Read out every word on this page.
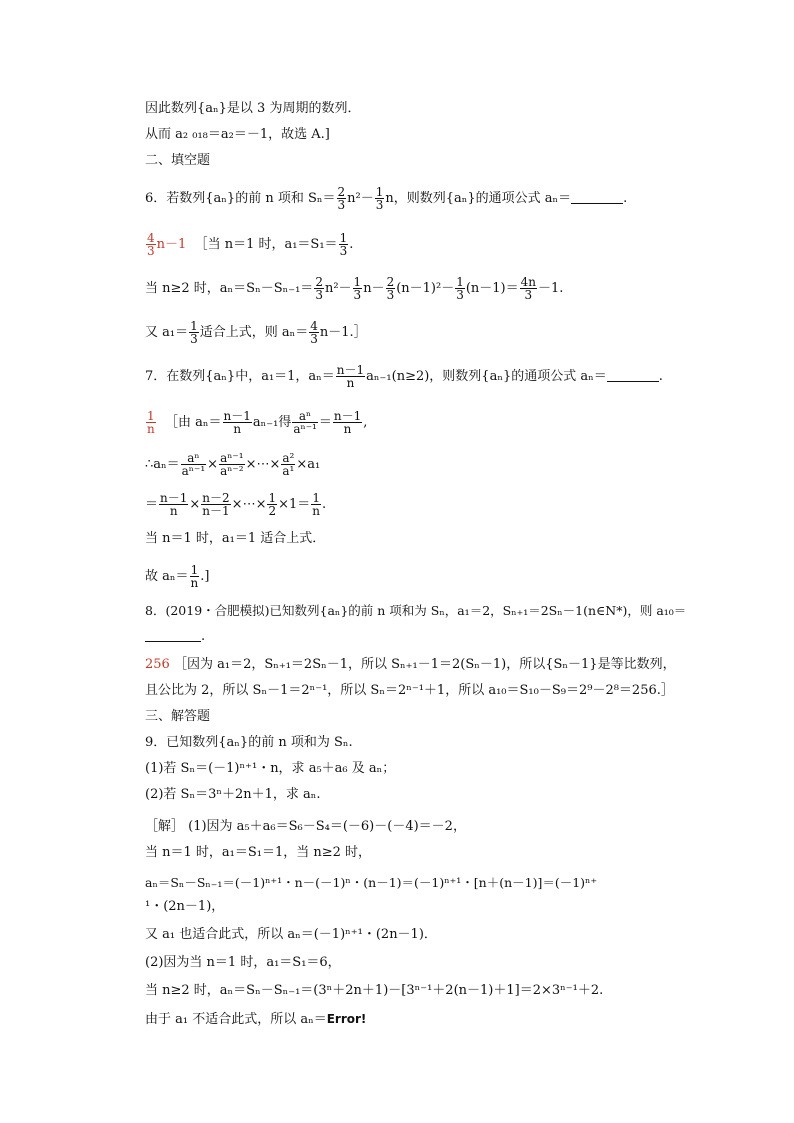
因此数列{aₙ}是以 3 为周期的数列．
从而 a₂ ₀₁₈＝a₂＝－1，故选 A.]
二、填空题
6．若数列{aₙ}的前 n 项和 $S_n= \frac{2}{3} n^2- \frac{1}{3}$ n，则数列{aₙ}的通项公式 aₙ＝	.
$\frac{4}{3} n-1$ ［当 n＝1 时，$a_1=S_1= \frac{1}{3}$ .
当 n≥2 时，$a_n=S_n-S_{n-1}= \frac{2}{3} n^2- \frac{1}{3} n- \frac{2}{3} (n-1)^2- \frac{1}{3} (n-1)= \frac{4n}{3} -1$.
又 $a_1= \frac{1}{3}$ 适合上式，则 $a_n= \frac{4}{3}$ n－1.］
7．在数列{aₙ}中，a₁＝1，$a_n= \frac{n-1}{n} a_{n-1}(n\ge 2)$，则数列{aₙ}的通项公式 aₙ＝	.
$\frac{1}{n}$ ［由 $a_n= \frac{n-1}{n} a_{n-1}$得 $\frac{\text{aⁿ}}{\text{aⁿ⁻¹}} = \frac{n-1}{n}$ ,
∴aₙ＝ $\frac{\text{aⁿ}}{\text{aⁿ⁻¹}} \times \frac{\text{aⁿ⁻¹}}{\text{aⁿ⁻²}}$ ×⋯× $\frac{\text{a²}}{\text{a¹}} \times a_1$
＝ $\frac{n-1}{n} \times \frac{n-2}{n-1}$ ×⋯× $\frac{1}{2} \times 1= \frac{1}{n}$ .
当 n＝1 时，a₁＝1 适合上式．
故 $a_n= \frac{1}{n}$ .]
8．(2019・合肥模拟)已知数列{aₙ}的前 n 项和为 Sₙ，a₁＝2，Sₙ₊₁＝2Sₙ－1(n∈N*)，则 a₁₀＝
.
256 ［因为 a₁＝2，Sₙ₊₁＝2Sₙ－1，所以 Sₙ₊₁－1＝2(Sₙ－1)，所以{Sₙ－1}是等比数列，
且公比为 2，所以 Sₙ－1＝2ⁿ⁻¹，所以 Sₙ＝2ⁿ⁻¹＋1，所以 a₁₀＝S₁₀－S₉＝2⁹－2⁸＝256.］
三、解答题
9．已知数列{aₙ}的前 n 项和为 Sₙ.
(1)若 Sₙ＝(－1)ⁿ⁺¹・n，求 a₅＋a₆ 及 aₙ；
(2)若 Sₙ＝3ⁿ＋2n＋1，求 aₙ.
［解］ (1)因为 a₅＋a₆＝S₆－S₄＝(－6)－(－4)＝－2，
当 n＝1 时，a₁＝S₁＝1，当 n≥2 时，
aₙ＝Sₙ－Sₙ₋₁＝(－1)ⁿ⁺¹・n－(－1)ⁿ・(n－1)＝(－1)ⁿ⁺¹・[n＋(n－1)]＝(－1)ⁿ⁺
¹・(2n－1)，
又 a₁ 也适合此式，所以 aₙ＝(－1)ⁿ⁺¹・(2n－1)．
(2)因为当 n＝1 时，a₁＝S₁＝6，
当 n≥2 时，aₙ＝Sₙ－Sₙ₋₁＝(3ⁿ＋2n＋1)－[3ⁿ⁻¹＋2(n－1)＋1]＝2×3ⁿ⁻¹＋2.
由于 a₁ 不适合此式，所以 aₙ＝Error!
